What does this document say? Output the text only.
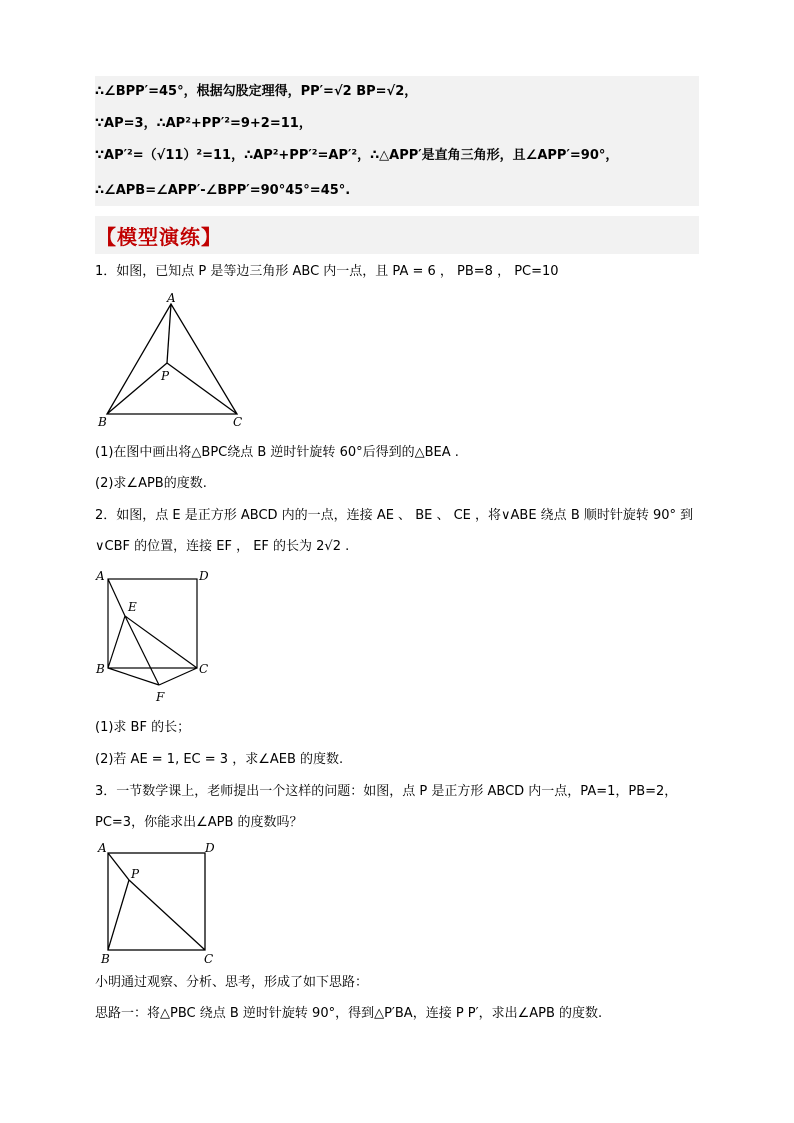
∴∠BPP′=45°，根据勾股定理得，PP′=√2 BP=√2，
∵AP=3，∴AP²+PP′²=9+2=11，
∵AP′²=（√11）²=11，∴AP²+PP′²=AP′²，∴△APP′是直角三角形，且∠APP′=90°，
∴∠APB=∠APP′-∠BPP′=90°45°=45°.
【模型演练】
1．如图，已知点 P 是等边三角形 ABC 内一点，且 PA = 6 ， PB=8 ， PC=10
A
B	C
P
(1)在图中画出将△BPC绕点 B 逆时针旋转 60°后得到的△BEA .
(2)求∠APB的度数.
2．如图，点 E 是正方形 ABCD 内的一点，连接 AE 、 BE 、 CE ，将∨ABE 绕点 B 顺时针旋转 90° 到
∨CBF 的位置，连接 EF ， EF 的长为 2√2 .
A	D
E
B	C
F
(1)求 BF 的长；
(2)若 AE = 1, EC = 3 ，求∠AEB 的度数.
3．一节数学课上，老师提出一个这样的问题：如图，点 P 是正方形 ABCD 内一点，PA=1，PB=2，
PC=3，你能求出∠APB 的度数吗？
A	D
P
B	C
小明通过观察、分析、思考，形成了如下思路：
思路一：将△PBC 绕点 B 逆时针旋转 90°，得到△P′BA，连接 P P′，求出∠APB 的度数.
